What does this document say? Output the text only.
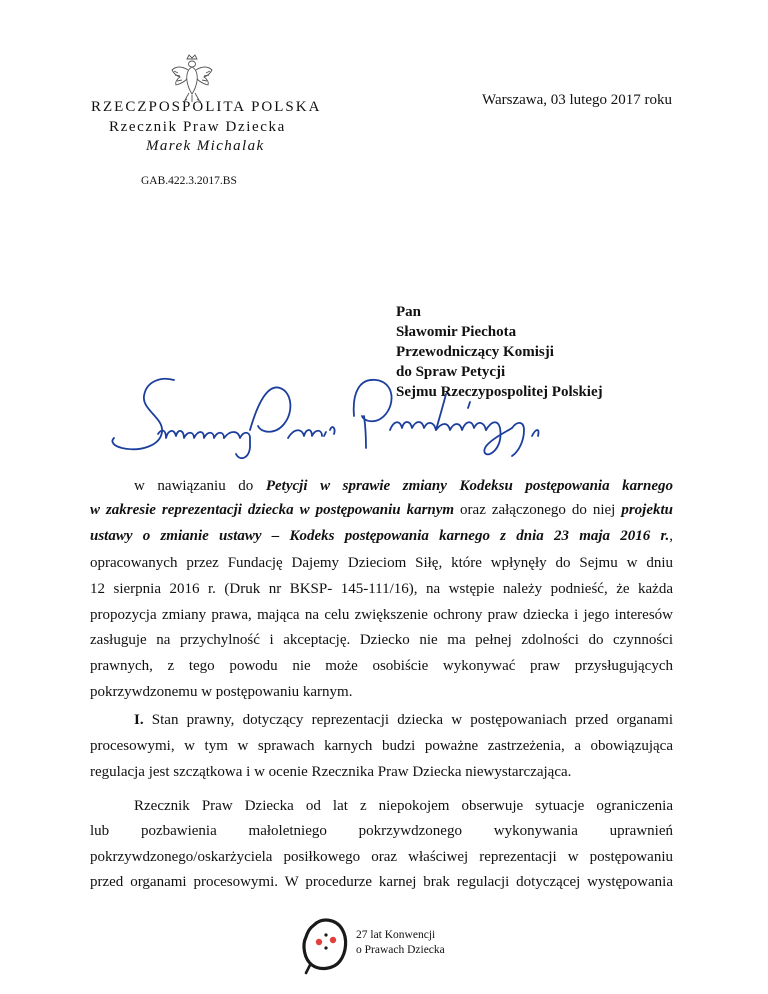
RZECZPOSPOLITA POLSKA
Rzecznik Praw Dziecka
Marek Michalak
GAB.422.3.2017.BS
Warszawa, 03 lutego 2017 roku
Pan
Sławomir Piechota
Przewodniczący Komisji
do Spraw Petycji
Sejmu Rzeczypospolitej Polskiej
w nawiązaniu do Petycji w sprawie zmiany Kodeksu postępowania karnego
w zakresie reprezentacji dziecka w postępowaniu karnym oraz załączonego do niej projektu
ustawy o zmianie ustawy – Kodeks postępowania karnego z dnia 23 maja 2016 r.,
opracowanych przez Fundację Dajemy Dzieciom Siłę, które wpłynęły do Sejmu w dniu
12 sierpnia 2016 r. (Druk nr BKSP- 145-111/16), na wstępie należy podnieść, że każda
propozycja zmiany prawa, mająca na celu zwiększenie ochrony praw dziecka i jego interesów
zasługuje na przychylność i akceptację. Dziecko nie ma pełnej zdolności do czynności
prawnych, z tego powodu nie może osobiście wykonywać praw przysługujących
pokrzywdzonemu w postępowaniu karnym.
I. Stan prawny, dotyczący reprezentacji dziecka w postępowaniach przed organami
procesowymi, w tym w sprawach karnych budzi poważne zastrzeżenia, a obowiązująca
regulacja jest szczątkowa i w ocenie Rzecznika Praw Dziecka niewystarczająca.
Rzecznik Praw Dziecka od lat z niepokojem obserwuje sytuacje ograniczenia
lub pozbawienia małoletniego pokrzywdzonego wykonywania uprawnień
pokrzywdzonego/oskarżyciela posiłkowego oraz właściwej reprezentacji w postępowaniu
przed organami procesowymi. W procedurze karnej brak regulacji dotyczącej występowania
27 lat Konwencji
o Prawach Dziecka
